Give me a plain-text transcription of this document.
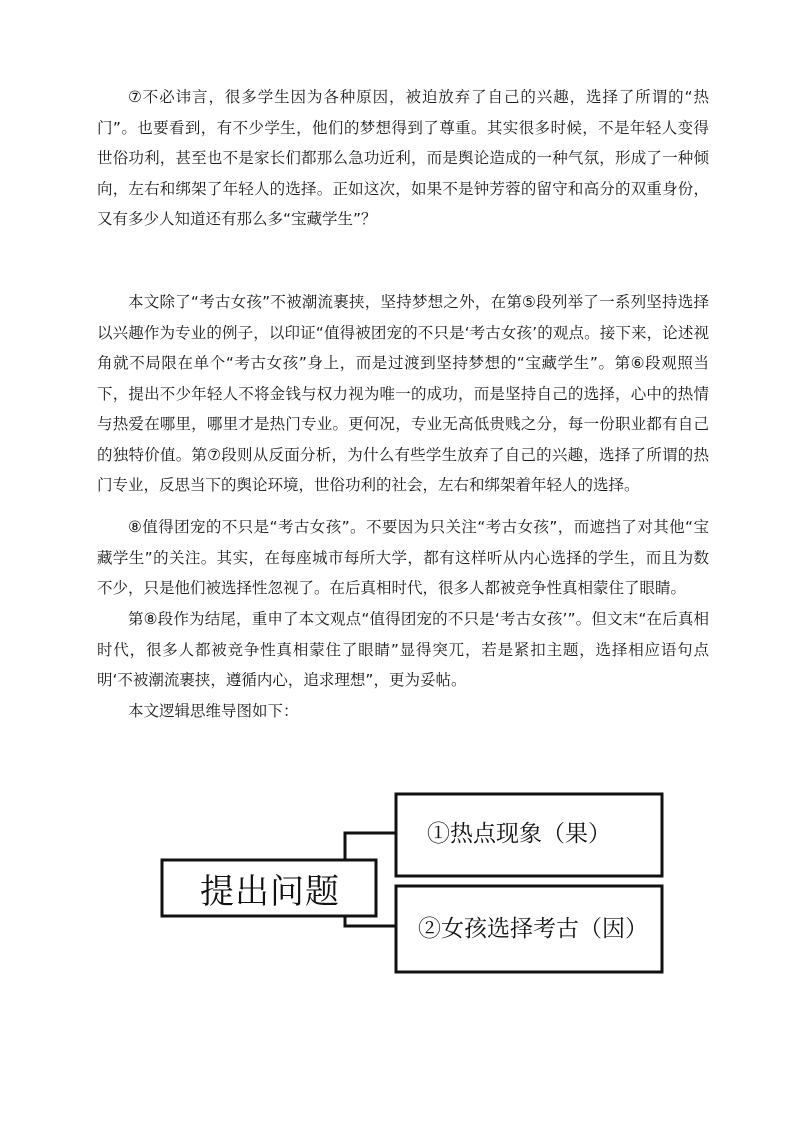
⑦不必讳言，很多学生因为各种原因，被迫放弃了自己的兴趣，选择了所谓的“热门”。也要看到，有不少学生，他们的梦想得到了尊重。其实很多时候，不是年轻人变得世俗功利，甚至也不是家长们都那么急功近利，而是舆论造成的一种气氛，形成了一种倾向，左右和绑架了年轻人的选择。正如这次，如果不是钟芳蓉的留守和高分的双重身份，又有多少人知道还有那么多“宝藏学生”？

本文除了“考古女孩”不被潮流裹挟，坚持梦想之外，在第⑤段列举了一系列坚持选择以兴趣作为专业的例子，以印证“值得被团宠的不只是‘考古女孩’的观点。接下来，论述视角就不局限在单个“考古女孩”身上，而是过渡到坚持梦想的“宝藏学生”。第⑥段观照当下，提出不少年轻人不将金钱与权力视为唯一的成功，而是坚持自己的选择，心中的热情与热爱在哪里，哪里才是热门专业。更何况，专业无高低贵贱之分，每一份职业都有自己的独特价值。第⑦段则从反面分析，为什么有些学生放弃了自己的兴趣，选择了所谓的热门专业，反思当下的舆论环境，世俗功利的社会，左右和绑架着年轻人的选择。

⑧值得团宠的不只是“考古女孩”。不要因为只关注“考古女孩”，而遮挡了对其他“宝藏学生”的关注。其实，在每座城市每所大学，都有这样听从内心选择的学生，而且为数不少，只是他们被选择性忽视了。在后真相时代，很多人都被竞争性真相蒙住了眼睛。

第⑧段作为结尾，重申了本文观点“值得团宠的不只是‘考古女孩’”。但文末“在后真相时代，很多人都被竞争性真相蒙住了眼睛”显得突兀，若是紧扣主题，选择相应语句点明‘不被潮流裹挟，遵循内心，追求理想”，更为妥帖。

本文逻辑思维导图如下：

提出问题
①热点现象（果）
②女孩选择考古（因）
